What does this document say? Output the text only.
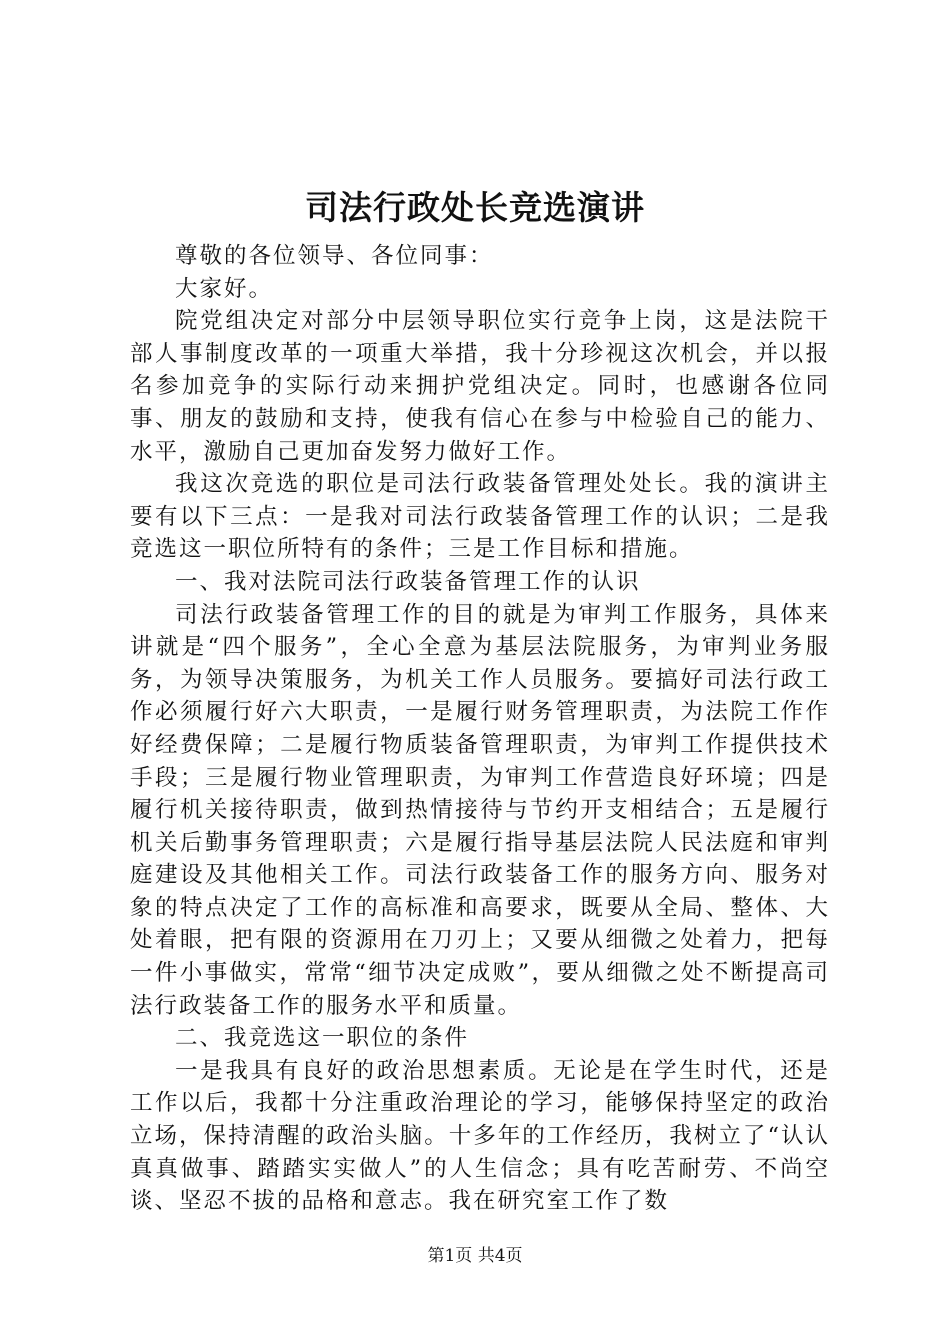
司法行政处长竞选演讲

尊敬的各位领导、各位同事：

大家好。

院党组决定对部分中层领导职位实行竞争上岗，这是法院干部人事制度改革的一项重大举措，我十分珍视这次机会，并以报名参加竞争的实际行动来拥护党组决定。同时，也感谢各位同事、朋友的鼓励和支持，使我有信心在参与中检验自己的能力、水平，激励自己更加奋发努力做好工作。

我这次竞选的职位是司法行政装备管理处处长。我的演讲主要有以下三点：一是我对司法行政装备管理工作的认识；二是我竞选这一职位所特有的条件；三是工作目标和措施。

一、我对法院司法行政装备管理工作的认识

司法行政装备管理工作的目的就是为审判工作服务，具体来讲就是“四个服务”，全心全意为基层法院服务，为审判业务服务，为领导决策服务，为机关工作人员服务。要搞好司法行政工作必须履行好六大职责，一是履行财务管理职责，为法院工作作好经费保障；二是履行物质装备管理职责，为审判工作提供技术手段；三是履行物业管理职责，为审判工作营造良好环境；四是履行机关接待职责，做到热情接待与节约开支相结合；五是履行机关后勤事务管理职责；六是履行指导基层法院人民法庭和审判庭建设及其他相关工作。司法行政装备工作的服务方向、服务对象的特点决定了工作的高标准和高要求，既要从全局、整体、大处着眼，把有限的资源用在刀刃上；又要从细微之处着力，把每一件小事做实，常常“细节决定成败”，要从细微之处不断提高司法行政装备工作的服务水平和质量。

二、我竞选这一职位的条件

一是我具有良好的政治思想素质。无论是在学生时代，还是工作以后，我都十分注重政治理论的学习，能够保持坚定的政治立场，保持清醒的政治头脑。十多年的工作经历，我树立了“认认真真做事、踏踏实实做人”的人生信念；具有吃苦耐劳、不尚空谈、坚忍不拔的品格和意志。我在研究室工作了数

第1页 共4页
